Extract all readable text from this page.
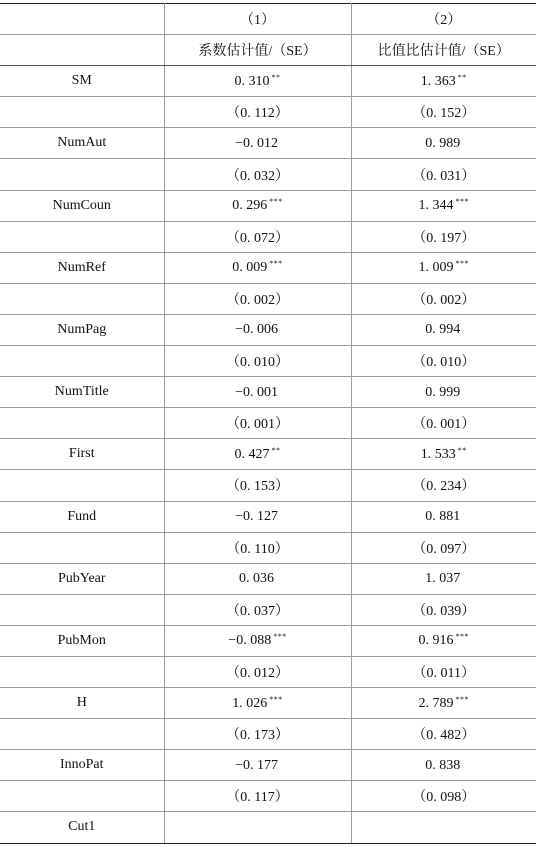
	（1）	（2）
	系数估计值/（SE）	比值比估计值/（SE）
SM	0. 310 **	1. 363 **
	（0. 112）	（0. 152）
NumAut	−0. 012	0. 989
	（0. 032）	（0. 031）
NumCoun	0. 296 ***	1. 344 ***
	（0. 072）	（0. 197）
NumRef	0. 009 ***	1. 009 ***
	（0. 002）	（0. 002）
NumPag	−0. 006	0. 994
	（0. 010）	（0. 010）
NumTitle	−0. 001	0. 999
	（0. 001）	（0. 001）
First	0. 427 **	1. 533 **
	（0. 153）	（0. 234）
Fund	−0. 127	0. 881
	（0. 110）	（0. 097）
PubYear	0. 036	1. 037
	（0. 037）	（0. 039）
PubMon	−0. 088 ***	0. 916 ***
	（0. 012）	（0. 011）
H	1. 026 ***	2. 789 ***
	（0. 173）	（0. 482）
InnoPat	−0. 177	0. 838
	（0. 117）	（0. 098）
Cut1		
